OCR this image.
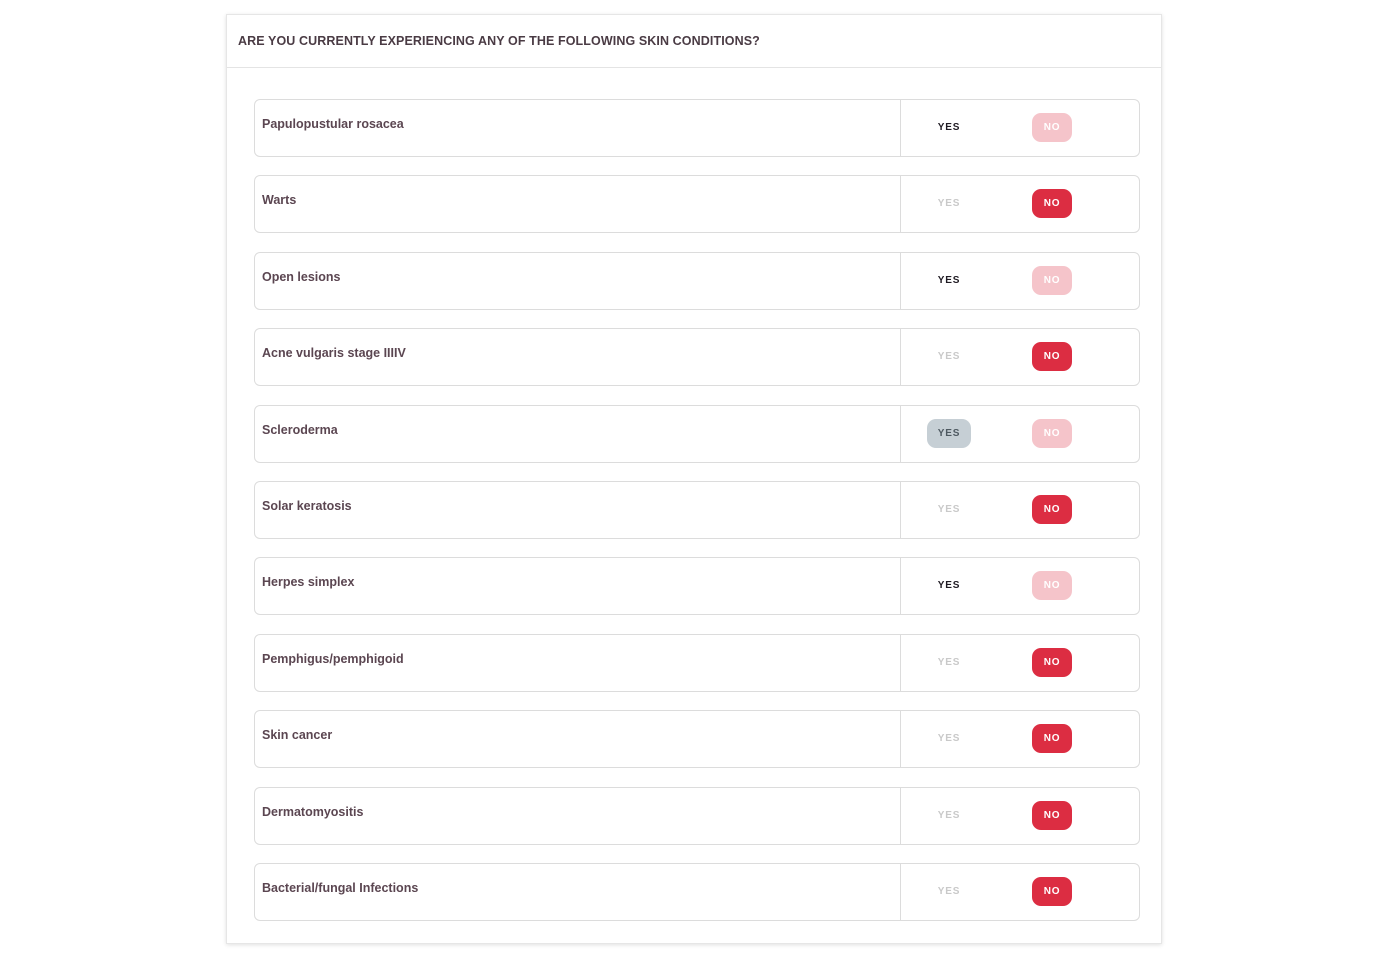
ARE YOU CURRENTLY EXPERIENCING ANY OF THE FOLLOWING SKIN CONDITIONS?
Papulopustular rosacea	YES	NO
Warts	YES	NO
Open lesions	YES	NO
Acne vulgaris stage IIIIV	YES	NO
Scleroderma	YES	NO
Solar keratosis	YES	NO
Herpes simplex	YES	NO
Pemphigus/pemphigoid	YES	NO
Skin cancer	YES	NO
Dermatomyositis	YES	NO
Bacterial/fungal Infections	YES	NO
